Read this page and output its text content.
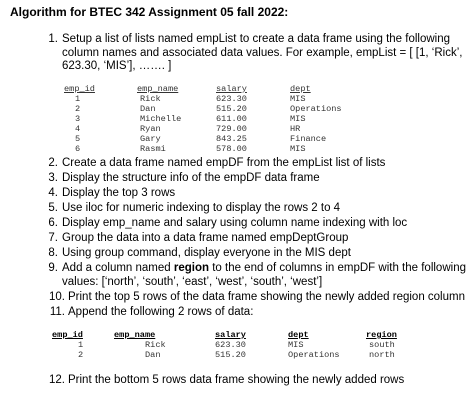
Algorithm for BTEC 342 Assignment 05 fall 2022:
1. Setup a list of lists named empList to create a data frame using the following column names and associated data values. For example, empList = [ [1, ‘Rick’, 623.30, ‘MIS’], ……. ]
emp_id	emp_name	salary	dept
1	Rick	623.30	MIS
2	Dan	515.20	Operations
3	Michelle	611.00	MIS
4	Ryan	729.00	HR
5	Gary	843.25	Finance
6	Rasmi	578.00	MIS
2. Create a data frame named empDF from the empList list of lists
3. Display the structure info of the empDF data frame
4. Display the top 3 rows
5. Use iloc for numeric indexing to display the rows 2 to 4
6. Display emp_name and salary using column name indexing with loc
7. Group the data into a data frame named empDeptGroup
8. Using group command, display everyone in the MIS dept
9. Add a column named region to the end of columns in empDF with the following values: [‘north’, ‘south’, ‘east’, ‘west’, ‘south’, ‘west’]
10. Print the top 5 rows of the data frame showing the newly added region column
11. Append the following 2 rows of data:
emp_id	emp_name	salary	dept	region
1	Rick	623.30	MIS	south
2	Dan	515.20	Operations	north
12. Print the bottom 5 rows data frame showing the newly added rows
